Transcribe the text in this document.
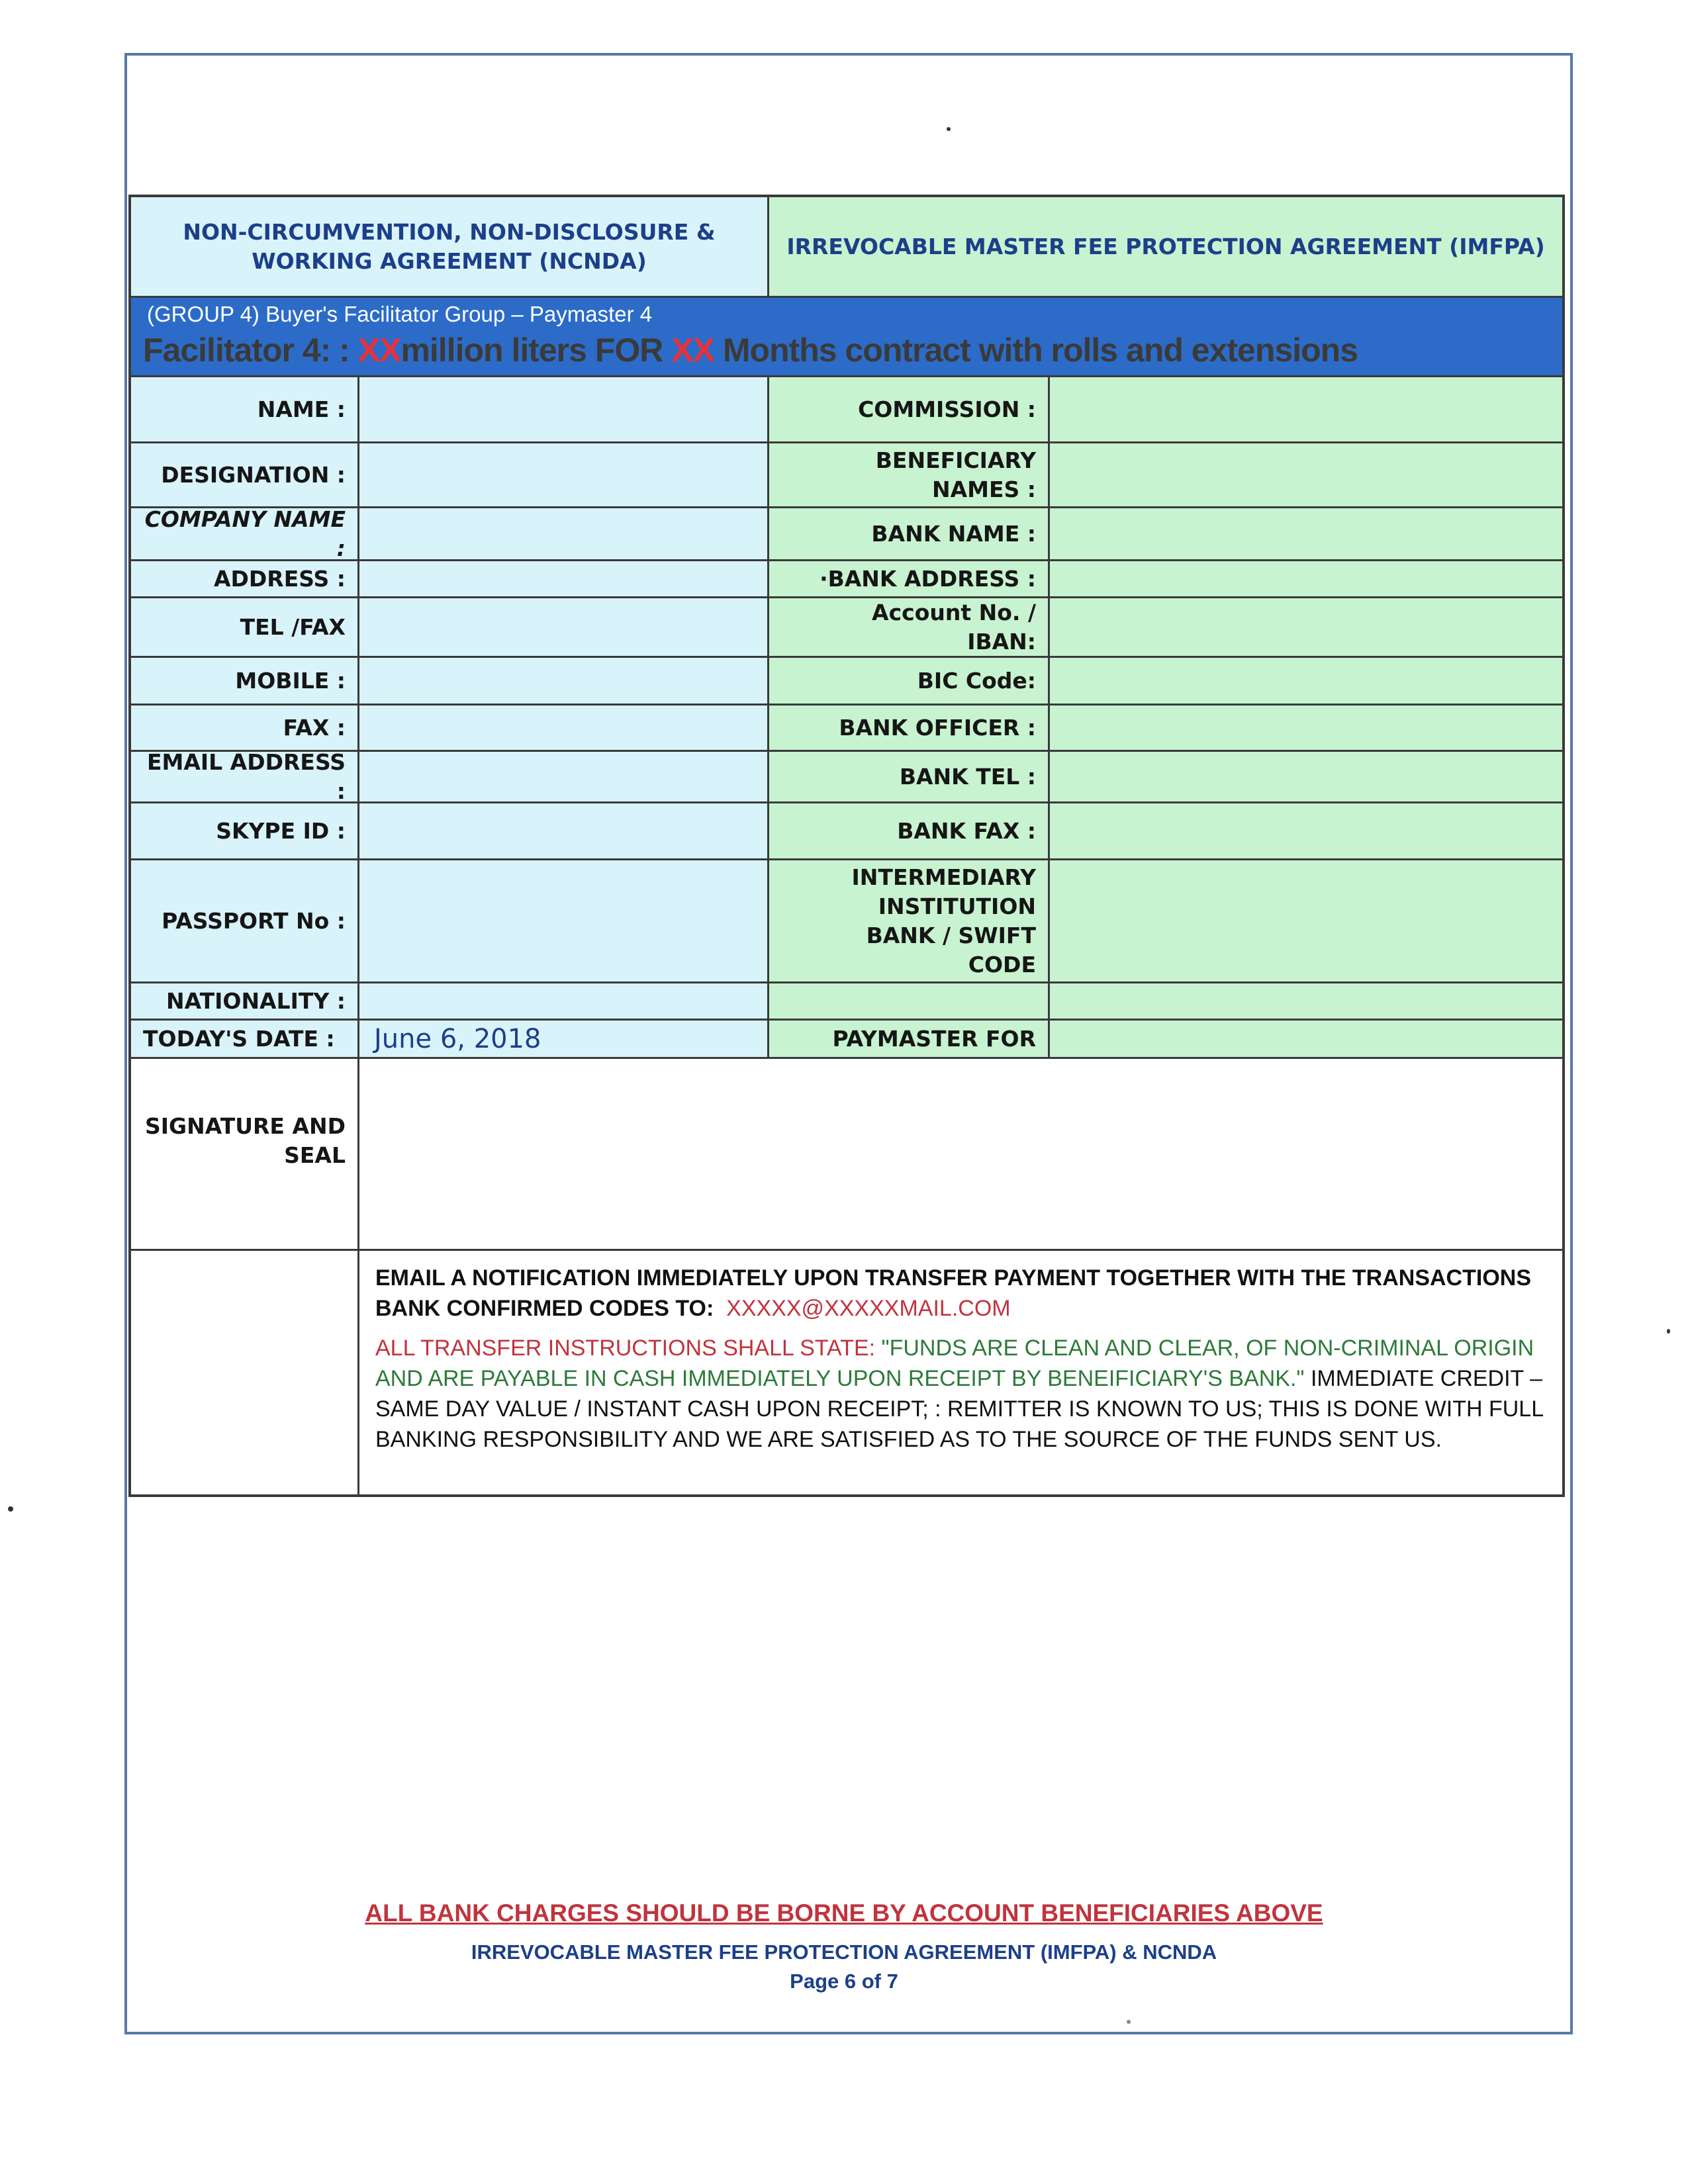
NON-CIRCUMVENTION, NON-DISCLOSURE & WORKING AGREEMENT (NCNDA)
IRREVOCABLE MASTER FEE PROTECTION AGREEMENT (IMFPA)
(GROUP 4) Buyer's Facilitator Group – Paymaster 4
Facilitator 4: : XXmillion liters FOR XX Months contract with rolls and extensions
NAME :
DESIGNATION :
COMPANY NAME :
ADDRESS :
TEL /FAX
MOBILE :
FAX :
EMAIL ADDRESS :
SKYPE ID :
PASSPORT No :
NATIONALITY :
TODAY'S DATE :	June 6, 2018
COMMISSION :
BENEFICIARY NAMES :
BANK NAME :
·BANK ADDRESS :
Account No. / IBAN:
BIC Code:
BANK OFFICER :
BANK TEL :
BANK FAX :
INTERMEDIARY INSTITUTION BANK / SWIFT CODE
PAYMASTER FOR
SIGNATURE AND SEAL

EMAIL A NOTIFICATION IMMEDIATELY UPON TRANSFER PAYMENT TOGETHER WITH THE TRANSACTIONS BANK CONFIRMED CODES TO: XXXXX@XXXXXMAIL.COM

ALL TRANSFER INSTRUCTIONS SHALL STATE: "FUNDS ARE CLEAN AND CLEAR, OF NON-CRIMINAL ORIGIN AND ARE PAYABLE IN CASH IMMEDIATELY UPON RECEIPT BY BENEIFICIARY'S BANK." IMMEDIATE CREDIT – SAME DAY VALUE / INSTANT CASH UPON RECEIPT; : REMITTER IS KNOWN TO US; THIS IS DONE WITH FULL BANKING RESPONSIBILITY AND WE ARE SATISFIED AS TO THE SOURCE OF THE FUNDS SENT US.

ALL BANK CHARGES SHOULD BE BORNE BY ACCOUNT BENEFICIARIES ABOVE
IRREVOCABLE MASTER FEE PROTECTION AGREEMENT (IMFPA) & NCNDA
Page 6 of 7
